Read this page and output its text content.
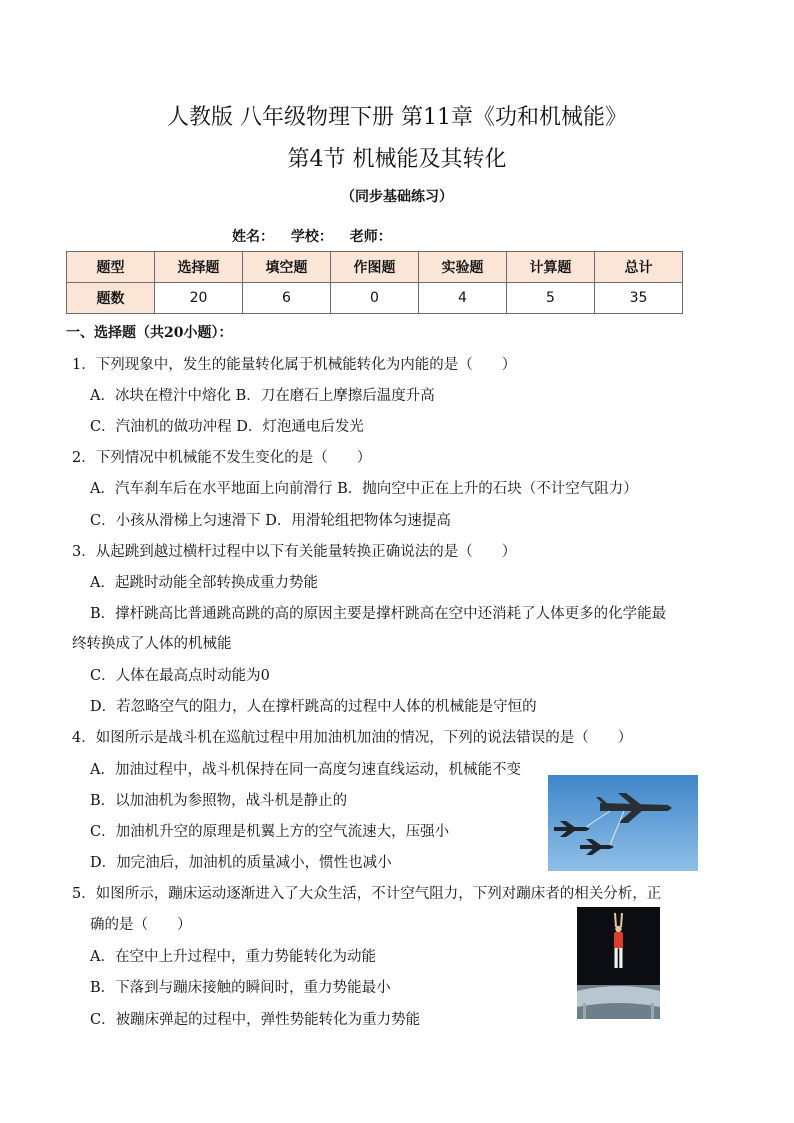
人教版 八年级物理下册 第11章《功和机械能》
第4节 机械能及其转化
（同步基础练习）
姓名： 学校： 老师：
题型	选择题	填空题	作图题	实验题	计算题	总计
题数	20	6	0	4	5	35
一、选择题（共20小题）：
1．下列现象中，发生的能量转化属于机械能转化为内能的是（　　）
A．冰块在橙汁中熔化 B．刀在磨石上摩擦后温度升高
C．汽油机的做功冲程 D．灯泡通电后发光
2．下列情况中机械能不发生变化的是（　　）
A．汽车刹车后在水平地面上向前滑行 B．抛向空中正在上升的石块（不计空气阻力）
C．小孩从滑梯上匀速滑下 D．用滑轮组把物体匀速提高
3．从起跳到越过横杆过程中以下有关能量转换正确说法的是（　　）
A．起跳时动能全部转换成重力势能
B．撑杆跳高比普通跳高跳的高的原因主要是撑杆跳高在空中还消耗了人体更多的化学能最
终转换成了人体的机械能
C．人体在最高点时动能为0
D．若忽略空气的阻力，人在撑杆跳高的过程中人体的机械能是守恒的
4．如图所示是战斗机在巡航过程中用加油机加油的情况，下列的说法错误的是（　　）
A．加油过程中，战斗机保持在同一高度匀速直线运动，机械能不变
B．以加油机为参照物，战斗机是静止的
C．加油机升空的原理是机翼上方的空气流速大，压强小
D．加完油后，加油机的质量减小，惯性也减小
5．如图所示，蹦床运动逐渐进入了大众生活，不计空气阻力，下列对蹦床者的相关分析，正
确的是（　　）
A．在空中上升过程中，重力势能转化为动能
B．下落到与蹦床接触的瞬间时，重力势能最小
C．被蹦床弹起的过程中，弹性势能转化为重力势能
